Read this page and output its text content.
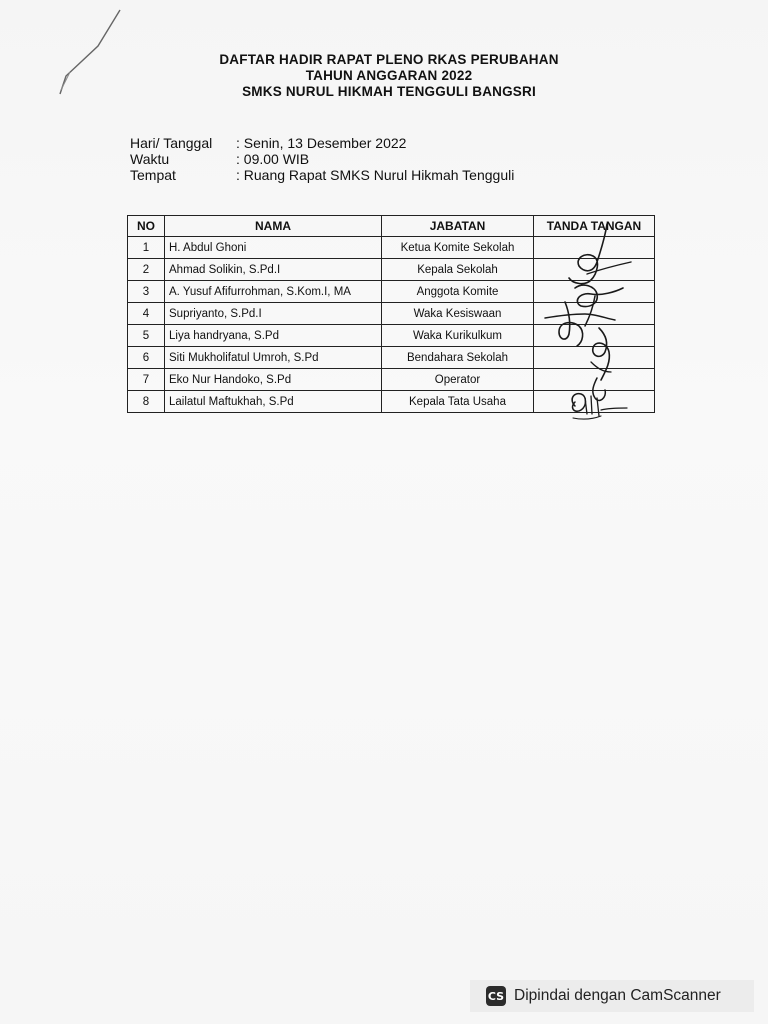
DAFTAR HADIR RAPAT PLENO RKAS PERUBAHAN
TAHUN ANGGARAN 2022
SMKS NURUL HIKMAH TENGGULI BANGSRI
Hari/ Tanggal	: Senin, 13 Desember 2022
Waktu	: 09.00 WIB
Tempat	: Ruang Rapat SMKS Nurul Hikmah Tengguli
NO	NAMA	JABATAN	TANDA TANGAN
1	H. Abdul Ghoni	Ketua Komite Sekolah	
2	Ahmad Solikin, S.Pd.I	Kepala Sekolah	
3	A. Yusuf Afifurrohman, S.Kom.I, MA	Anggota Komite	
4	Supriyanto, S.Pd.I	Waka Kesiswaan	
5	Liya handryana, S.Pd	Waka Kurikulkum	
6	Siti Mukholifatul Umroh, S.Pd	Bendahara Sekolah	
7	Eko Nur Handoko, S.Pd	Operator	
8	Lailatul Maftukhah, S.Pd	Kepala Tata Usaha	
CS Dipindai dengan CamScanner
